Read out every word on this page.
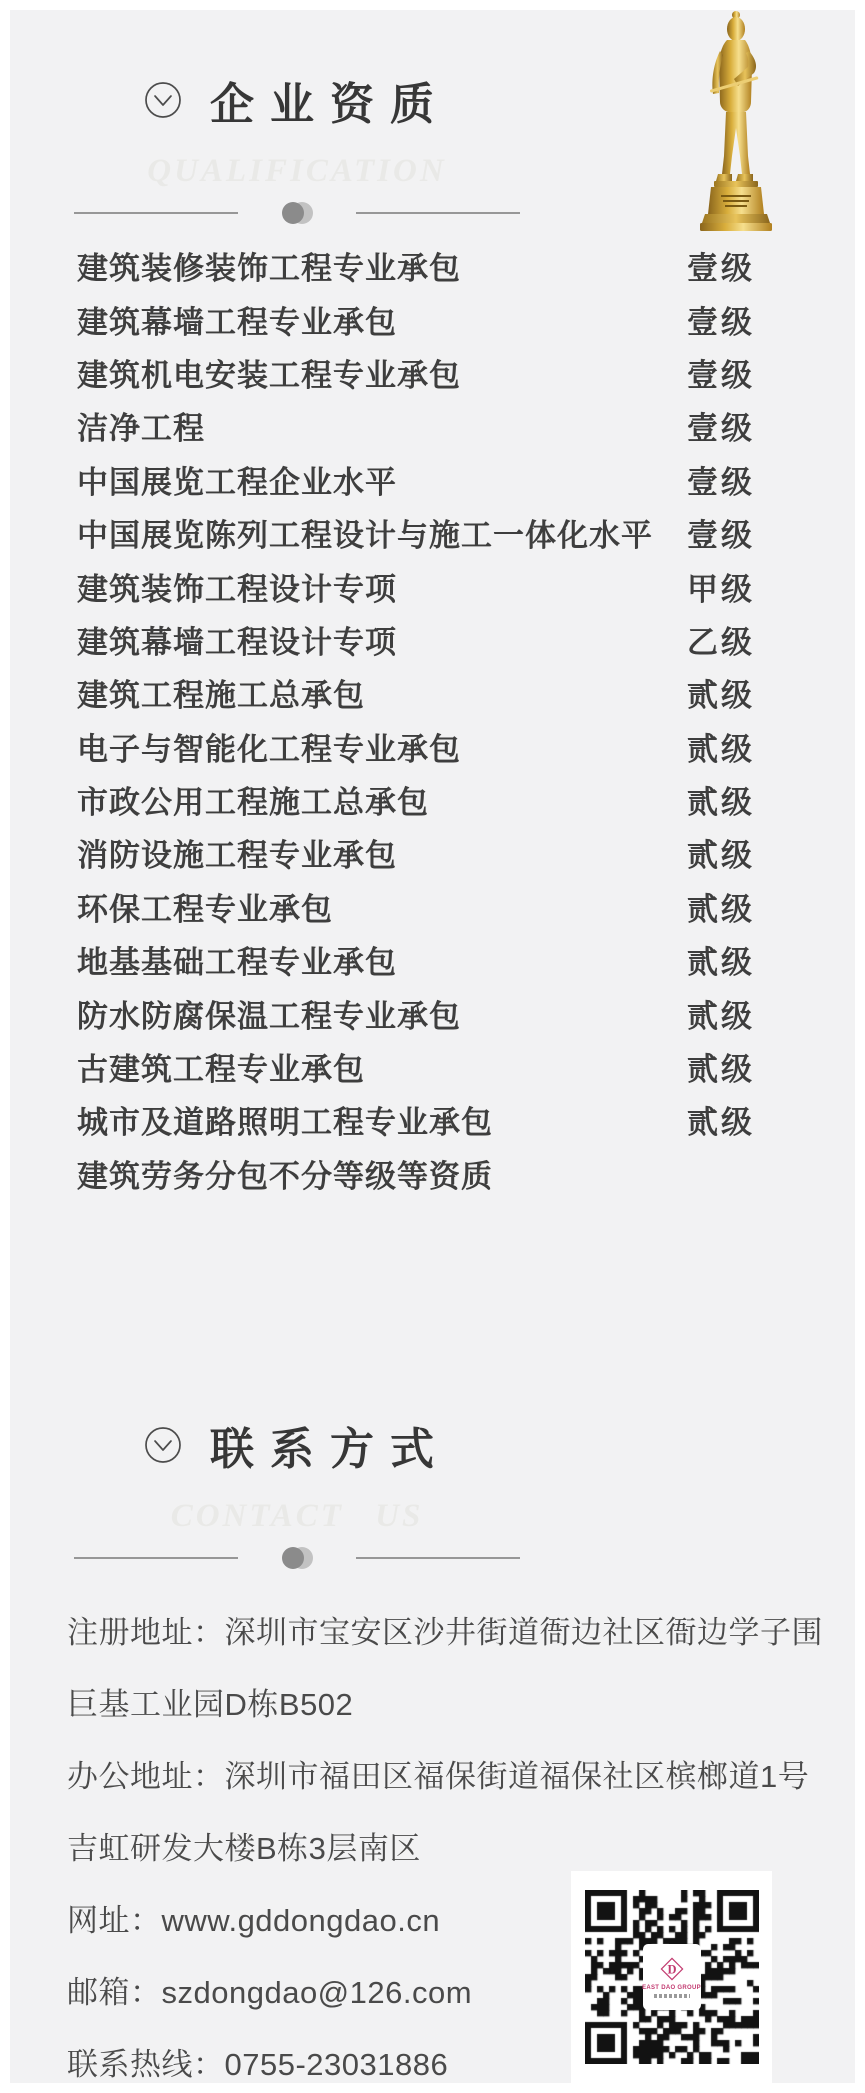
企业资质
QUALIFICATION
建筑装修装饰工程专业承包	壹级
建筑幕墙工程专业承包	壹级
建筑机电安装工程专业承包	壹级
洁净工程	壹级
中国展览工程企业水平	壹级
中国展览陈列工程设计与施工一体化水平 壹级
建筑装饰工程设计专项	甲级
建筑幕墙工程设计专项	乙级
建筑工程施工总承包	贰级
电子与智能化工程专业承包	贰级
市政公用工程施工总承包	贰级
消防设施工程专业承包	贰级
环保工程专业承包	贰级
地基基础工程专业承包	贰级
防水防腐保温工程专业承包	贰级
古建筑工程专业承包	贰级
城市及道路照明工程专业承包	贰级
建筑劳务分包不分等级等资质
联系方式
CONTACT US
注册地址：深圳市宝安区沙井街道衙边社区衙边学子围
巨基工业园D栋B502
办公地址：深圳市福田区福保街道福保社区槟榔道1号
吉虹研发大楼B栋3层南区
网址：www.gddongdao.cn
邮箱：szdongdao@126.com
联系热线：0755-23031886
D
EAST DAO GROUP
